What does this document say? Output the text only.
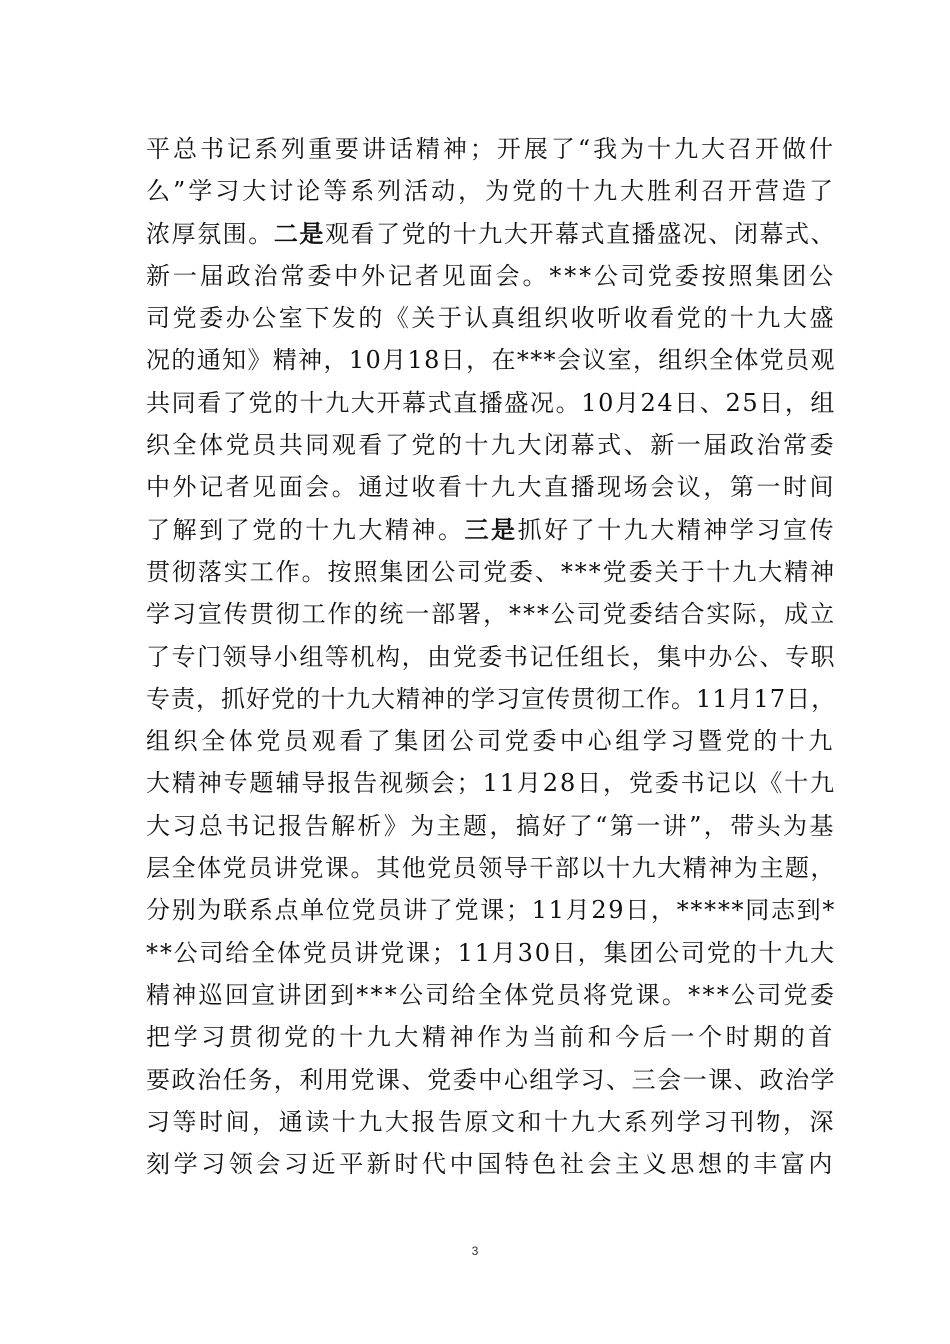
平总书记系列重要讲话精神；开展了“我为十九大召开做什
么”学习大讨论等系列活动，为党的十九大胜利召开营造了
浓厚氛围。二是观看了党的十九大开幕式直播盛况、闭幕式、
新一届政治常委中外记者见面会。***公司党委按照集团公
司党委办公室下发的《关于认真组织收听收看党的十九大盛
况的通知》精神，10月18日，在***会议室，组织全体党员观
共同看了党的十九大开幕式直播盛况。10月24日、25日，组
织全体党员共同观看了党的十九大闭幕式、新一届政治常委
中外记者见面会。通过收看十九大直播现场会议，第一时间
了解到了党的十九大精神。三是抓好了十九大精神学习宣传
贯彻落实工作。按照集团公司党委、***党委关于十九大精神
学习宣传贯彻工作的统一部署，***公司党委结合实际，成立
了专门领导小组等机构，由党委书记任组长，集中办公、专职
专责，抓好党的十九大精神的学习宣传贯彻工作。11月17日，
组织全体党员观看了集团公司党委中心组学习暨党的十九
大精神专题辅导报告视频会；11月28日，党委书记以《十九
大习总书记报告解析》为主题，搞好了“第一讲”，带头为基
层全体党员讲党课。其他党员领导干部以十九大精神为主题，
分别为联系点单位党员讲了党课；11月29日，*****同志到*
**公司给全体党员讲党课；11月30日，集团公司党的十九大
精神巡回宣讲团到***公司给全体党员将党课。***公司党委
把学习贯彻党的十九大精神作为当前和今后一个时期的首
要政治任务，利用党课、党委中心组学习、三会一课、政治学
习等时间，通读十九大报告原文和十九大系列学习刊物，深
刻学习领会习近平新时代中国特色社会主义思想的丰富内
3
